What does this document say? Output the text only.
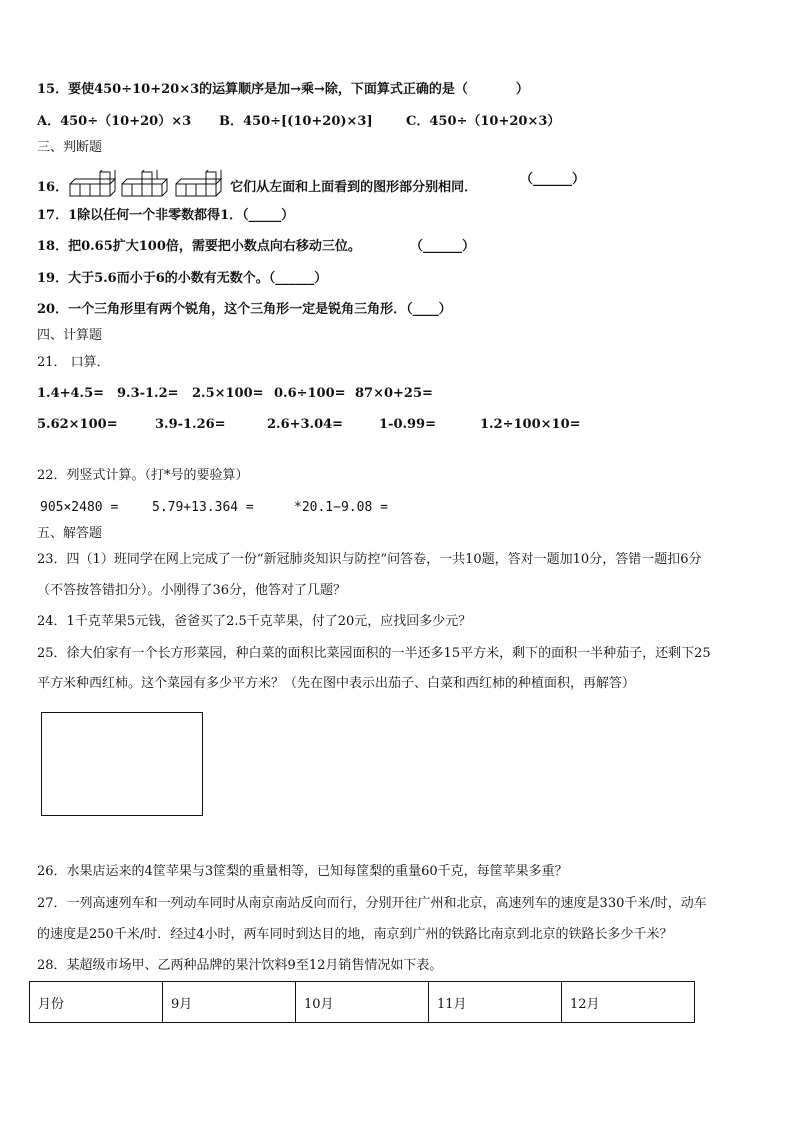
15．要使450÷10+20×3的运算顺序是加→乘→除，下面算式正确的是（	）
A．450÷（10+20）×3 B．450÷[(10+20)×3]	C．450÷（10+20×3）
三、判断题
16．	它们从左面和上面看到的图形部分别相同．
（______）
17．1除以任何一个非零数都得1．（_____）
18．把0.65扩大100倍，需要把小数点向右移动三位。	（______）
19．大于5.6而小于6的小数有无数个。（______）
20．一个三角形里有两个锐角，这个三角形一定是锐角三角形．（____）
四、计算题
21． 口算．
1.4+4.5= 9.3-1.2= 2.5×100= 0.6÷100= 87×0+25=
5.62×100=	3.9-1.26=	2.6+3.04=	1-0.99=	1.2÷100×10=
22．列竖式计算。（打*号的要验算）
905×2480 =	5.79+13.364 =	*20.1−9.08 =
五、解答题
23．四（1）班同学在网上完成了一份“新冠肺炎知识与防控”问答卷，一共10题，答对一题加10分，答错一题扣6分
（不答按答错扣分）。小刚得了36分，他答对了几题？
24．1千克苹果5元钱，爸爸买了2.5千克苹果，付了20元，应找回多少元？
25．徐大伯家有一个长方形菜园，种白菜的面积比菜园面积的一半还多15平方米，剩下的面积一半种茄子，还剩下25
平方米种西红柿。这个菜园有多少平方米？（先在图中表示出茄子、白菜和西红柿的种植面积，再解答）
26．水果店运来的4筐苹果与3筐梨的重量相等，已知每筐梨的重量60千克，每筐苹果多重？
27．一列高速列车和一列动车同时从南京南站反向而行，分别开往广州和北京，高速列车的速度是330千米/时，动车
的速度是250千米/时．经过4小时，两车同时到达目的地，南京到广州的铁路比南京到北京的铁路长多少千米？
28．某超级市场甲、乙两种品牌的果汁饮料9至12月销售情况如下表。
月份	9月	10月	11月	12月
